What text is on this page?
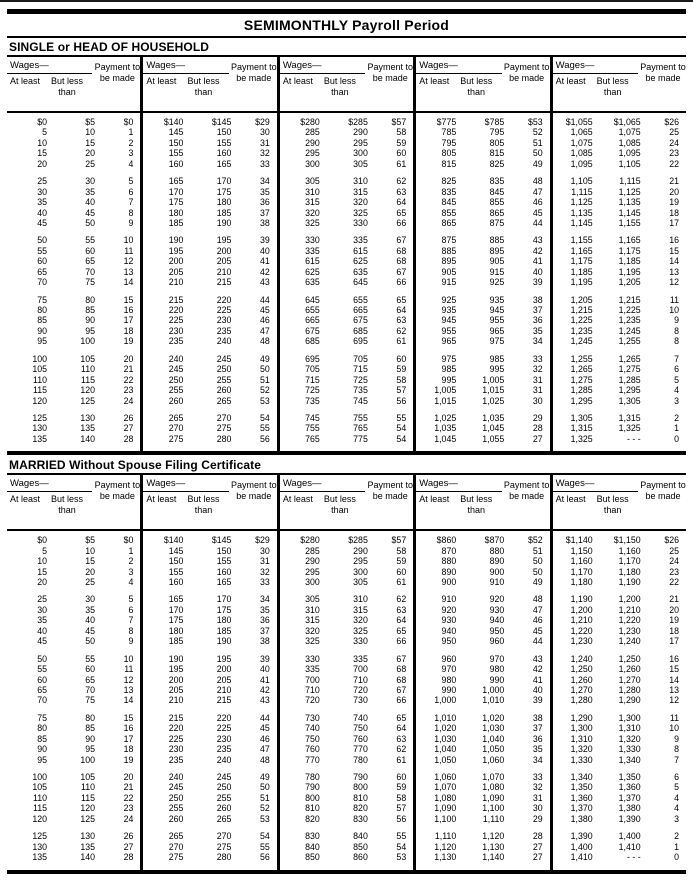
SEMIMONTHLY Payroll Period
SINGLE or HEAD OF HOUSEHOLD
Wages—
At least	But less than
Payment to be made
$0	$5	$0
5	10	1
10	15	2
15	20	3
20	25	4
25	30	5
30	35	6
35	40	7
40	45	8
45	50	9
50	55	10
55	60	11
60	65	12
65	70	13
70	75	14
75	80	15
80	85	16
85	90	17
90	95	18
95	100	19
100	105	20
105	110	21
110	115	22
115	120	23
120	125	24
125	130	26
130	135	27
135	140	28
Wages—
At least	But less than
Payment to be made
$140	$145	$29
145	150	30
150	155	31
155	160	32
160	165	33
165	170	34
170	175	35
175	180	36
180	185	37
185	190	38
190	195	39
195	200	40
200	205	41
205	210	42
210	215	43
215	220	44
220	225	45
225	230	46
230	235	47
235	240	48
240	245	49
245	250	50
250	255	51
255	260	52
260	265	53
265	270	54
270	275	55
275	280	56
Wages—
At least	But less than
Payment to be made
$280	$285	$57
285	290	58
290	295	59
295	300	60
300	305	61
305	310	62
310	315	63
315	320	64
320	325	65
325	330	66
330	335	67
335	615	68
615	625	68
625	635	67
635	645	66
645	655	65
655	665	64
665	675	63
675	685	62
685	695	61
695	705	60
705	715	59
715	725	58
725	735	57
735	745	56
745	755	55
755	765	54
765	775	54
Wages—
At least	But less than
Payment to be made
$775	$785	$53
785	795	52
795	805	51
805	815	50
815	825	49
825	835	48
835	845	47
845	855	46
855	865	45
865	875	44
875	885	43
885	895	42
895	905	41
905	915	40
915	925	39
925	935	38
935	945	37
945	955	36
955	965	35
965	975	34
975	985	33
985	995	32
995	1,005	31
1,005	1,015	31
1,015	1,025	30
1,025	1,035	29
1,035	1,045	28
1,045	1,055	27
Wages—
At least	But less than
Payment to be made
$1,055	$1,065	$26
1,065	1,075	25
1,075	1,085	24
1,085	1,095	23
1,095	1,105	22
1,105	1,115	21
1,115	1,125	20
1,125	1,135	19
1,135	1,145	18
1,145	1,155	17
1,155	1,165	16
1,165	1,175	15
1,175	1,185	14
1,185	1,195	13
1,195	1,205	12
1,205	1,215	11
1,215	1,225	10
1,225	1,235	9
1,235	1,245	8
1,245	1,255	8
1,255	1,265	7
1,265	1,275	6
1,275	1,285	5
1,285	1,295	4
1,295	1,305	3
1,305	1,315	2
1,315	1,325	1
1,325	- - -	0
MARRIED Without Spouse Filing Certificate
Wages—
At least	But less than
Payment to be made
$0	$5	$0
5	10	1
10	15	2
15	20	3
20	25	4
25	30	5
30	35	6
35	40	7
40	45	8
45	50	9
50	55	10
55	60	11
60	65	12
65	70	13
70	75	14
75	80	15
80	85	16
85	90	17
90	95	18
95	100	19
100	105	20
105	110	21
110	115	22
115	120	23
120	125	24
125	130	26
130	135	27
135	140	28
Wages—
At least	But less than
Payment to be made
$140	$145	$29
145	150	30
150	155	31
155	160	32
160	165	33
165	170	34
170	175	35
175	180	36
180	185	37
185	190	38
190	195	39
195	200	40
200	205	41
205	210	42
210	215	43
215	220	44
220	225	45
225	230	46
230	235	47
235	240	48
240	245	49
245	250	50
250	255	51
255	260	52
260	265	53
265	270	54
270	275	55
275	280	56
Wages—
At least	But less than
Payment to be made
$280	$285	$57
285	290	58
290	295	59
295	300	60
300	305	61
305	310	62
310	315	63
315	320	64
320	325	65
325	330	66
330	335	67
335	700	68
700	710	68
710	720	67
720	730	66
730	740	65
740	750	64
750	760	63
760	770	62
770	780	61
780	790	60
790	800	59
800	810	58
810	820	57
820	830	56
830	840	55
840	850	54
850	860	53
Wages—
At least	But less than
Payment to be made
$860	$870	$52
870	880	51
880	890	50
890	900	50
900	910	49
910	920	48
920	930	47
930	940	46
940	950	45
950	960	44
960	970	43
970	980	42
980	990	41
990	1,000	40
1,000	1,010	39
1,010	1,020	38
1,020	1,030	37
1,030	1,040	36
1,040	1,050	35
1,050	1,060	34
1,060	1,070	33
1,070	1,080	32
1,080	1,090	31
1,090	1,100	30
1,100	1,110	29
1,110	1,120	28
1,120	1,130	27
1,130	1,140	27
Wages—
At least	But less than
Payment to be made
$1,140	$1,150	$26
1,150	1,160	25
1,160	1,170	24
1,170	1,180	23
1,180	1,190	22
1,190	1,200	21
1,200	1,210	20
1,210	1,220	19
1,220	1,230	18
1,230	1,240	17
1,240	1,250	16
1,250	1,260	15
1,260	1,270	14
1,270	1,280	13
1,280	1,290	12
1,290	1,300	11
1,300	1,310	10
1,310	1,320	9
1,320	1,330	8
1,330	1,340	7
1,340	1,350	6
1,350	1,360	5
1,360	1,370	4
1,370	1,380	4
1,380	1,390	3
1,390	1,400	2
1,400	1,410	1
1,410	- - -	0
